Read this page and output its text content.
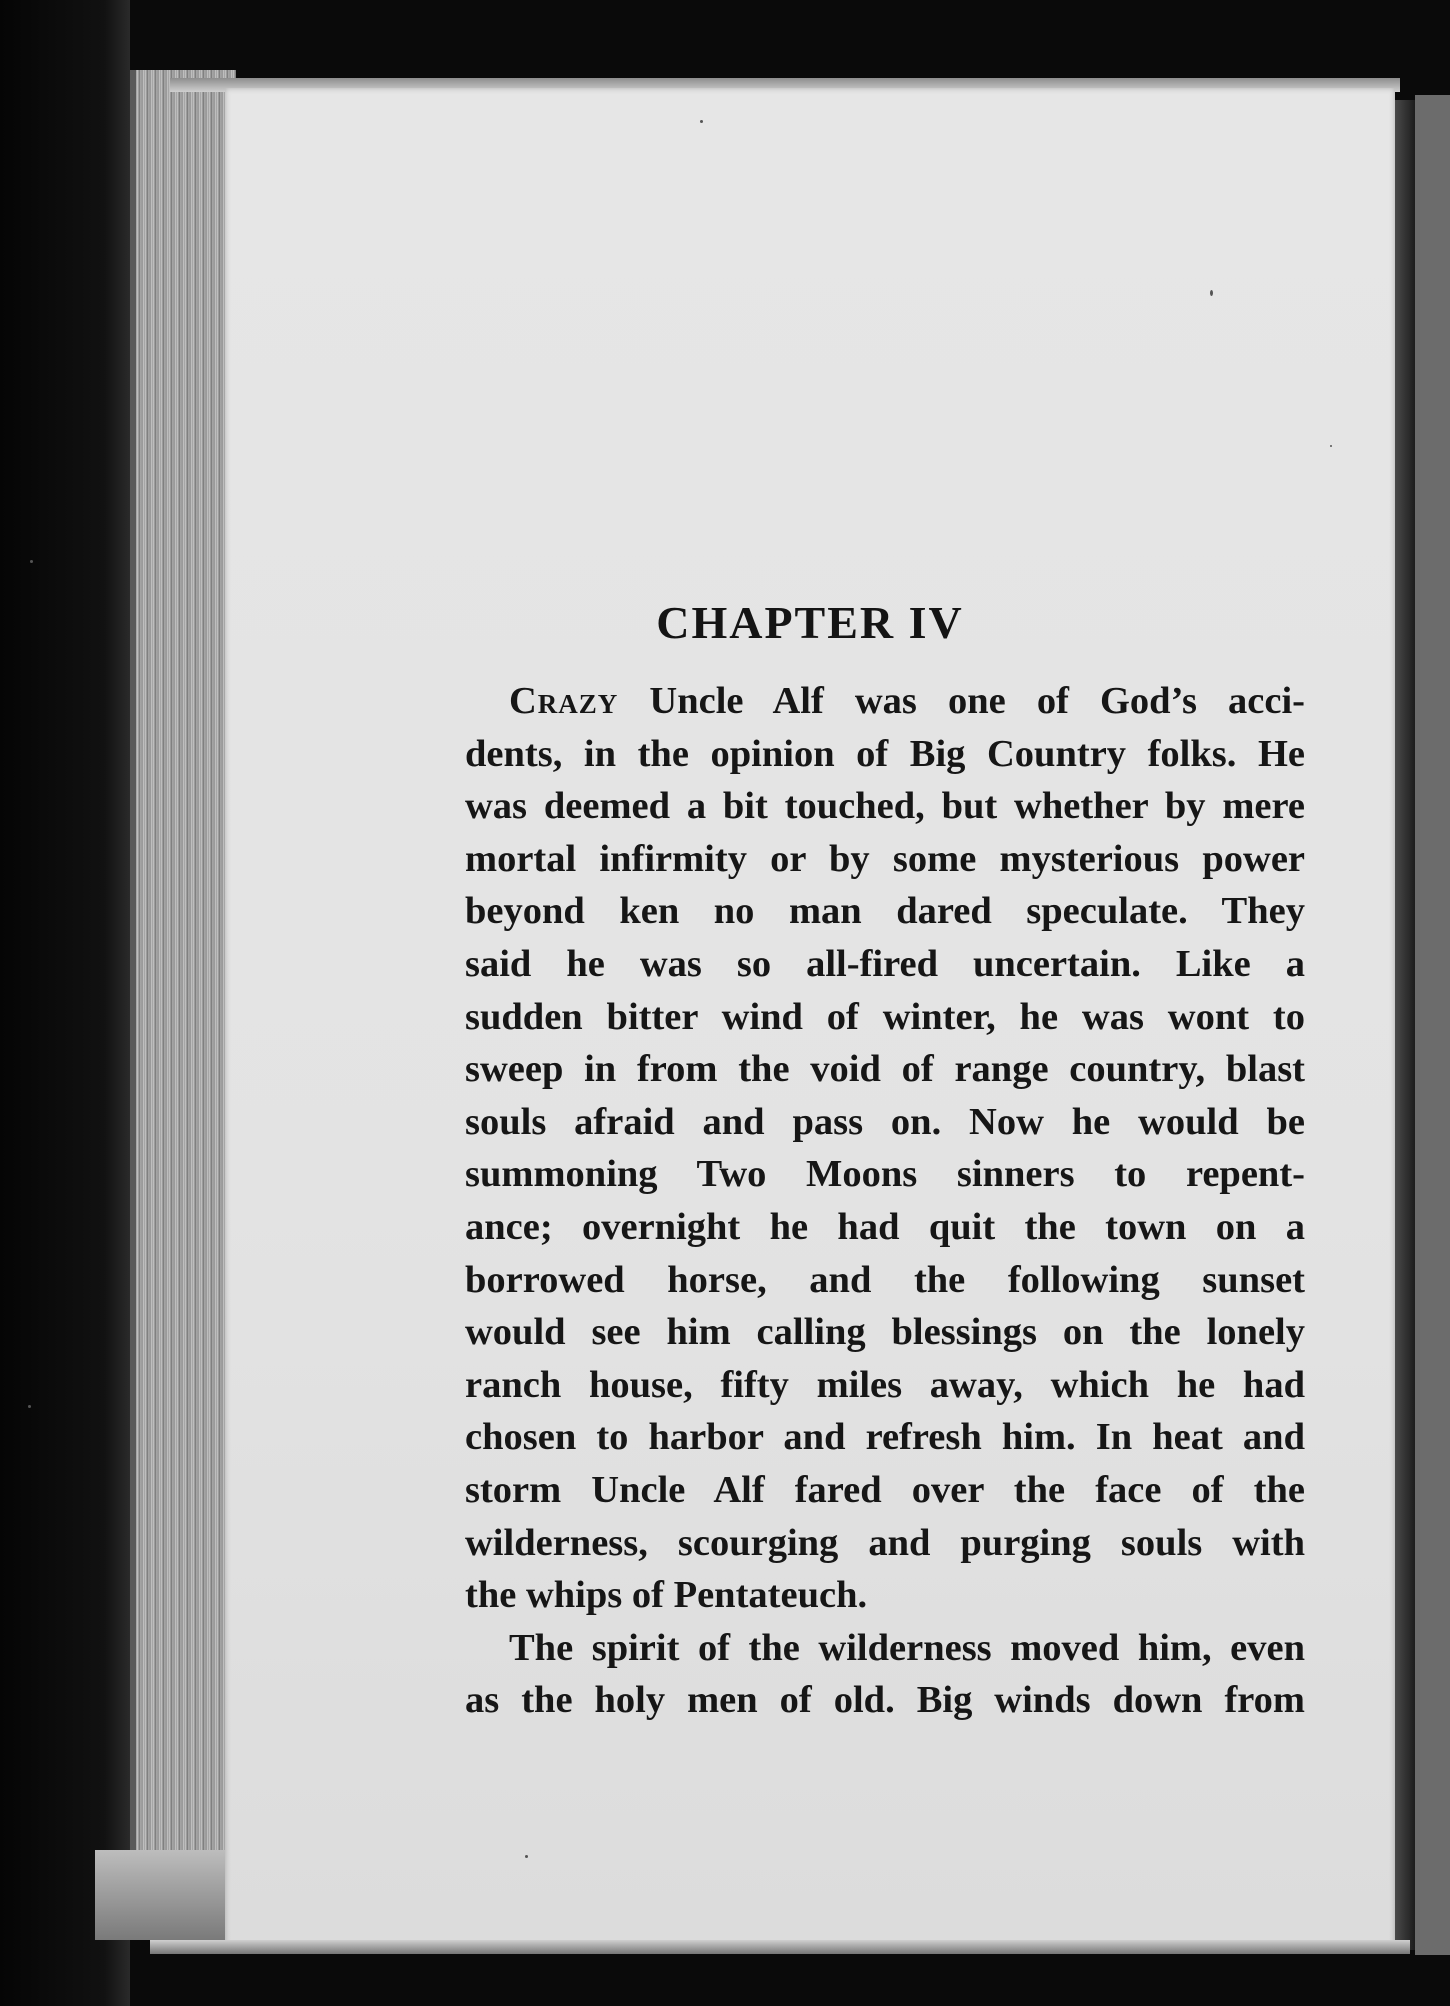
CHAPTER IV
Crazy Uncle Alf was one of God’s acci-
dents, in the opinion of Big Country folks. He
was deemed a bit touched, but whether by mere
mortal infirmity or by some mysterious power
beyond ken no man dared speculate. They
said he was so all-fired uncertain. Like a
sudden bitter wind of winter, he was wont to
sweep in from the void of range country, blast
souls afraid and pass on. Now he would be
summoning Two Moons sinners to repent-
ance; overnight he had quit the town on a
borrowed horse, and the following sunset
would see him calling blessings on the lonely
ranch house, fifty miles away, which he had
chosen to harbor and refresh him. In heat and
storm Uncle Alf fared over the face of the
wilderness, scourging and purging souls with
the whips of Pentateuch.
The spirit of the wilderness moved him, even
as the holy men of old. Big winds down from
